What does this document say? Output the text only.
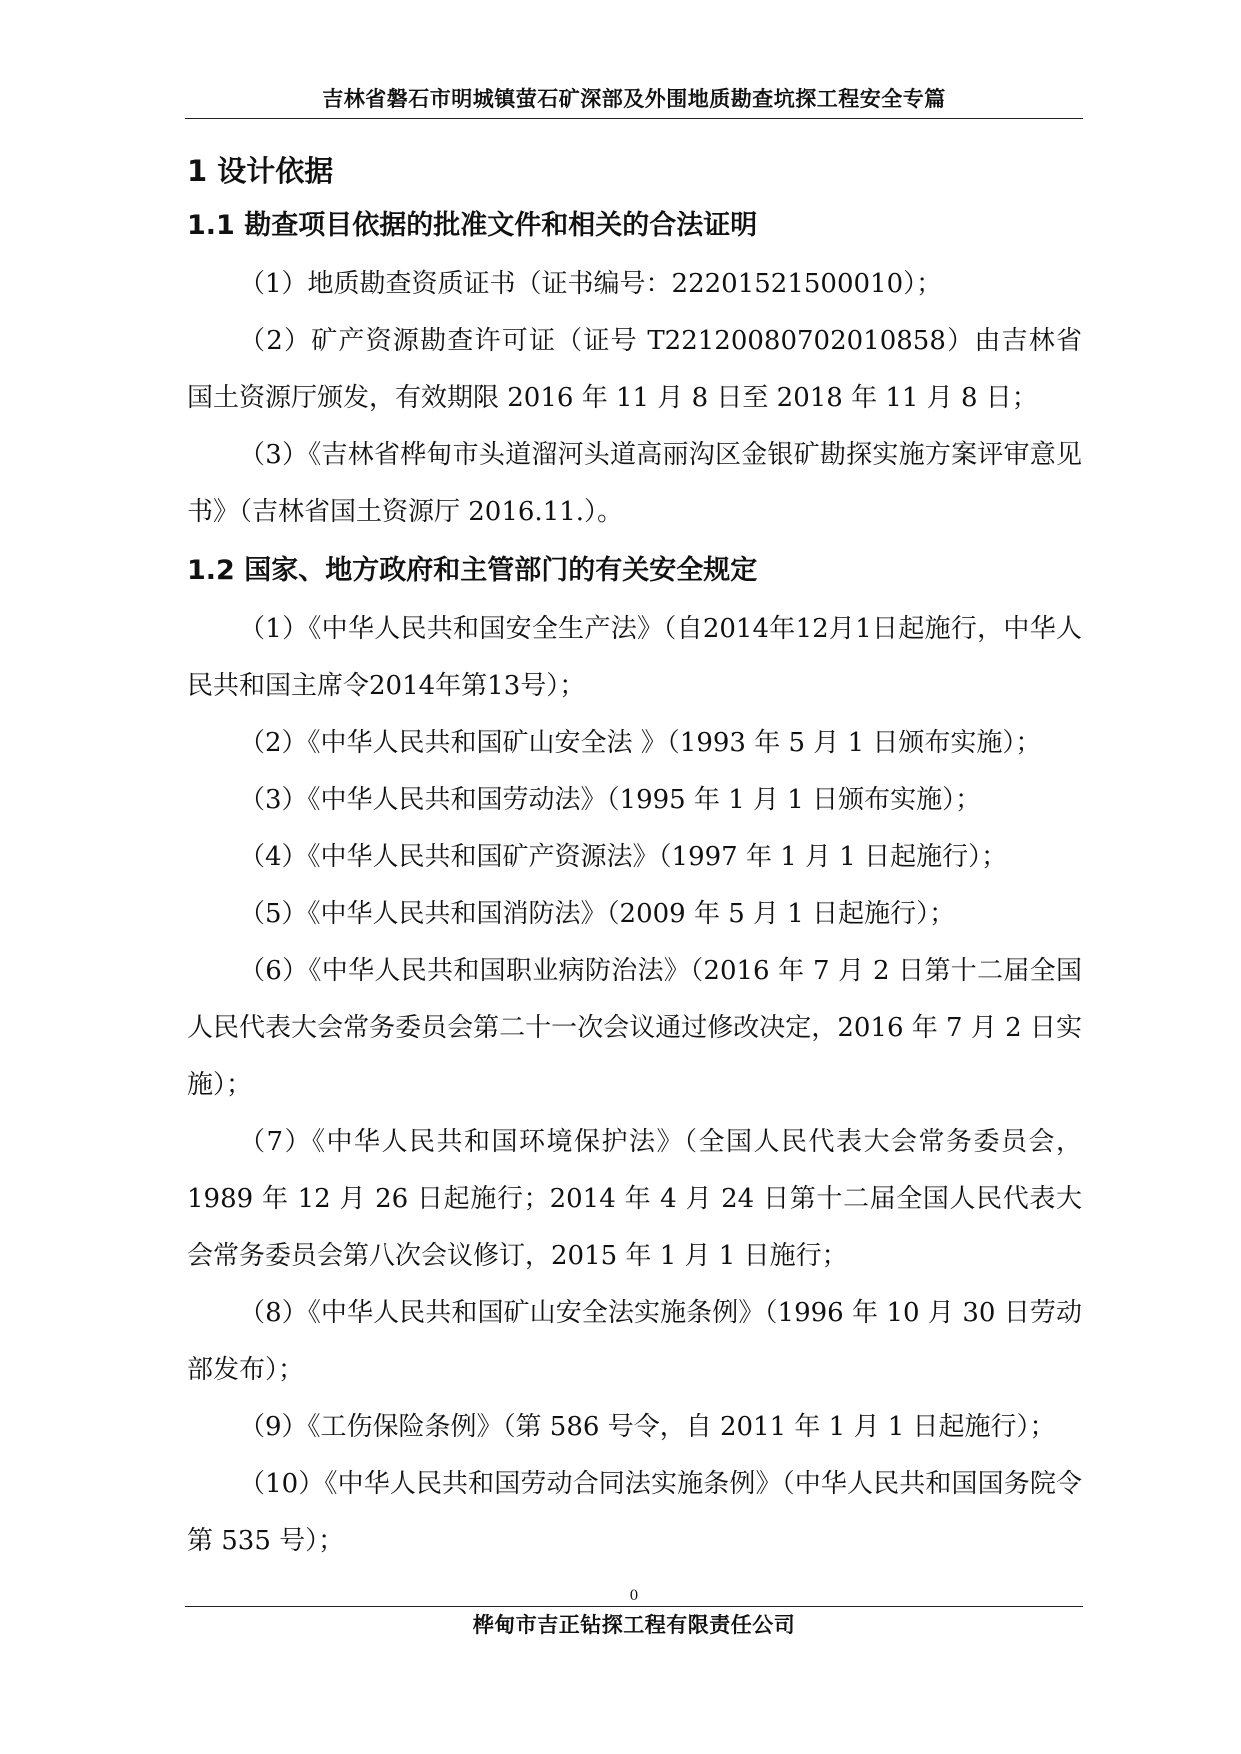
吉林省磐石市明城镇萤石矿深部及外围地质勘查坑探工程安全专篇
1 设计依据
1.1 勘查项目依据的批准文件和相关的合法证明

（1）地质勘查资质证书（证书编号：22201521500010）；

（2）矿产资源勘查许可证（证号 T22120080702010858）由吉林省国土资源厅颁发，有效期限 2016 年 11 月 8 日至 2018 年 11 月 8 日；

（3）《吉林省桦甸市头道溜河头道高丽沟区金银矿勘探实施方案评审意见书》（吉林省国土资源厅 2016.11.）。

1.2 国家、地方政府和主管部门的有关安全规定

（1）《中华人民共和国安全生产法》（自2014年12月1日起施行，中华人民共和国主席令2014年第13号）；

（2）《中华人民共和国矿山安全法 》（1993 年 5 月 1 日颁布实施）；

（3）《中华人民共和国劳动法》（1995 年 1 月 1 日颁布实施）；

（4）《中华人民共和国矿产资源法》（1997 年 1 月 1 日起施行）；

（5）《中华人民共和国消防法》（2009 年 5 月 1 日起施行）；

（6）《中华人民共和国职业病防治法》（2016 年 7 月 2 日第十二届全国人民代表大会常务委员会第二十一次会议通过修改决定，2016 年 7 月 2 日实施）；

（7）《中华人民共和国环境保护法》（全国人民代表大会常务委员会，1989 年 12 月 26 日起施行；2014 年 4 月 24 日第十二届全国人民代表大会常务委员会第八次会议修订，2015 年 1 月 1 日施行；

（8）《中华人民共和国矿山安全法实施条例》（1996 年 10 月 30 日劳动部发布）；

（9）《工伤保险条例》（第 586 号令，自 2011 年 1 月 1 日起施行）；

（10）《中华人民共和国劳动合同法实施条例》（中华人民共和国国务院令第 535 号）；

0
桦甸市吉正钻探工程有限责任公司
